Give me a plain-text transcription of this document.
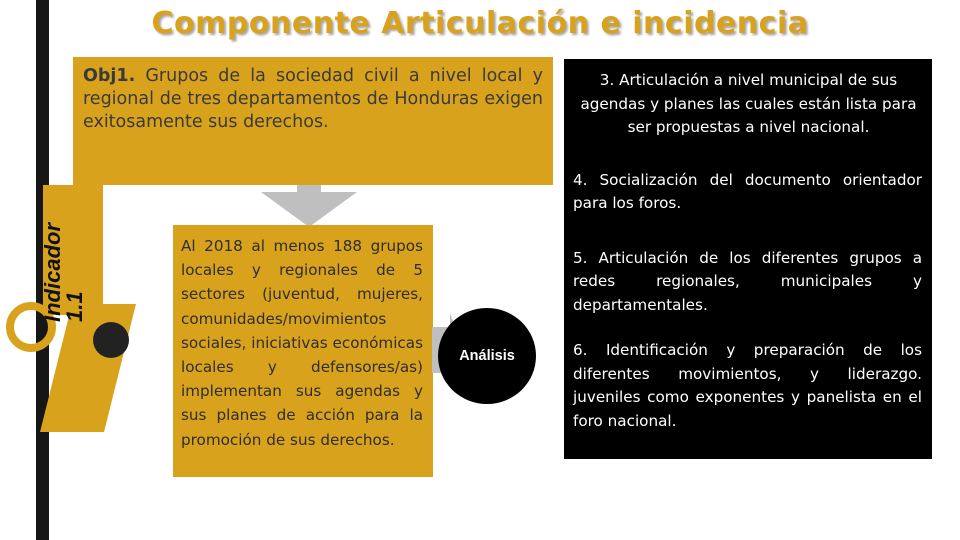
Componente Articulación e incidencia
Obj1. Grupos de la sociedad civil a nivel local y regional de tres departamentos de Honduras exigen exitosamente sus derechos.
Indicador
1.1
Al 2018 al menos 188 grupos locales y regionales de 5 sectores (juventud, mujeres, comunidades/movimientos sociales, iniciativas económicas locales y defensores/as) implementan sus agendas y sus planes de acción para la promoción de sus derechos.
Análisis

3. Articulación a nivel municipal de sus agendas y planes las cuales están lista para ser propuestas a nivel nacional.

4. Socialización del documento orientador para los foros.

5. Articulación de los diferentes grupos a redes regionales, municipales y departamentales.

6. Identificación y preparación de los diferentes movimientos, y liderazgo. juveniles como exponentes y panelista en el foro nacional.
